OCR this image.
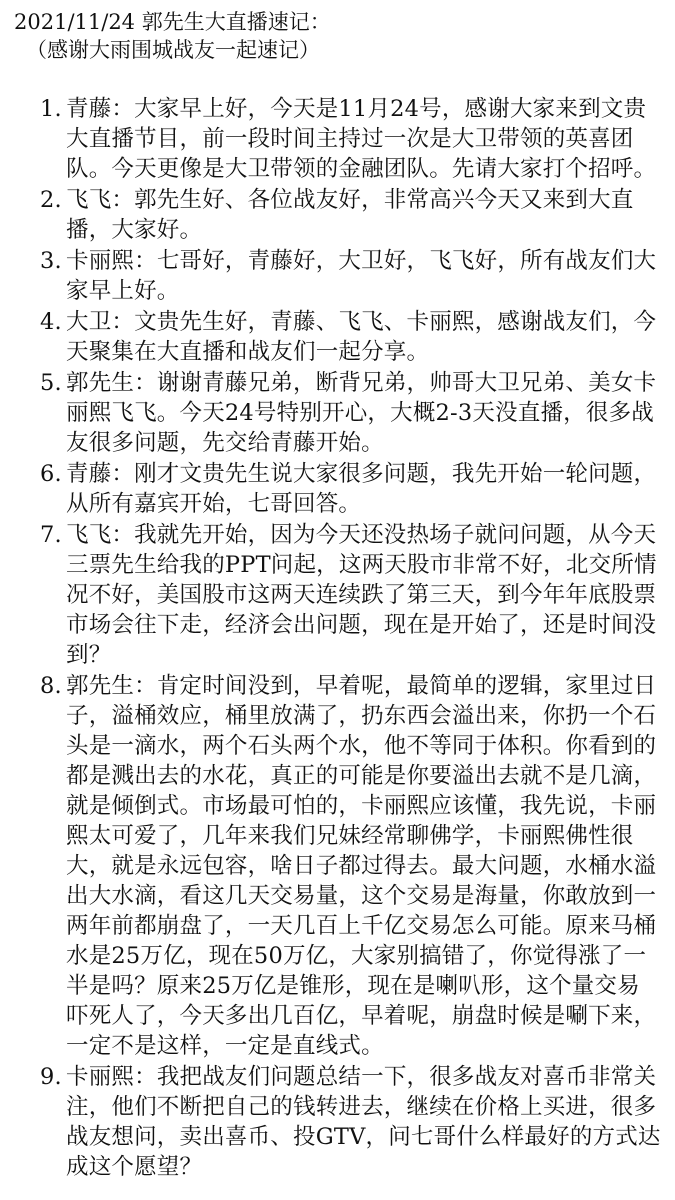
2021/11/24 郭先生大直播速记：

（感谢大雨围城战友一起速记）

1. 青藤 ： 大家早上好，今天是11月24号，感谢大家来到文贵大直播节目，前一段时间主持过一次是大卫带领的英喜团队。今天更像是大卫带领的金融团队。先请大家打个招呼。
2. 飞飞 ： 郭先生好、各位战友好，非常高兴今天又来到大直播，大家好。
3. 卡丽熙 ： 七哥好，青藤好，大卫好，飞飞好，所有战友们大家早上好。
4. 大卫 ： 文贵先生好，青藤、飞飞、卡丽熙，感谢战友们，今天聚集在大直播和战友们一起分享。
5. 郭先生 ： 谢谢青藤兄弟，断背兄弟，帅哥大卫兄弟、美女卡丽熙飞飞。今天24号特别开心，大概2-3天没直播，很多战友很多问题，先交给青藤开始。
6. 青藤 ： 刚才文贵先生说大家很多问题，我先开始一轮问题，从所有嘉宾开始，七哥回答。
7. 飞飞 ： 我就先开始，因为今天还没热场子就问问题，从今天三票先生给我的PPT问起，这两天股市非常不好，北交所情况不好，美国股市这两天连续跌了第三天，到今年年底股票市场会往下走，经济会出问题，现在是开始了，还是时间没到？
8. 郭先生 ： 肯定时间没到，早着呢，最简单的逻辑，家里过日子，溢桶效应，桶里放满了，扔东西会溢出来，你扔一个石头是一滴水，两个石头两个水，他不等同于体积。你看到的都是溅出去的水花，真正的可能是你要溢出去就不是几滴，就是倾倒式。市场最可怕的，卡丽熙应该懂，我先说，卡丽熙太可爱了，几年来我们兄妹经常聊佛学，卡丽熙佛性很大，就是永远包容，啥日子都过得去。最大问题，水桶水溢出大水滴，看这几天交易量，这个交易是海量，你敢放到一两年前都崩盘了，一天几百上千亿交易怎么可能。原来马桶水是25万亿，现在50万亿，大家别搞错了，你觉得涨了一半是吗？原来25万亿是锥形，现在是喇叭形，这个量交易吓死人了，今天多出几百亿，早着呢，崩盘时候是唰下来，一定不是这样，一定是直线式。
9. 卡丽熙 ： 我把战友们问题总结一下，很多战友对喜币非常关注，他们不断把自己的钱转进去，继续在价格上买进，很多战友想问，卖出喜币、投GTV，问七哥什么样最好的方式达成这个愿望？
